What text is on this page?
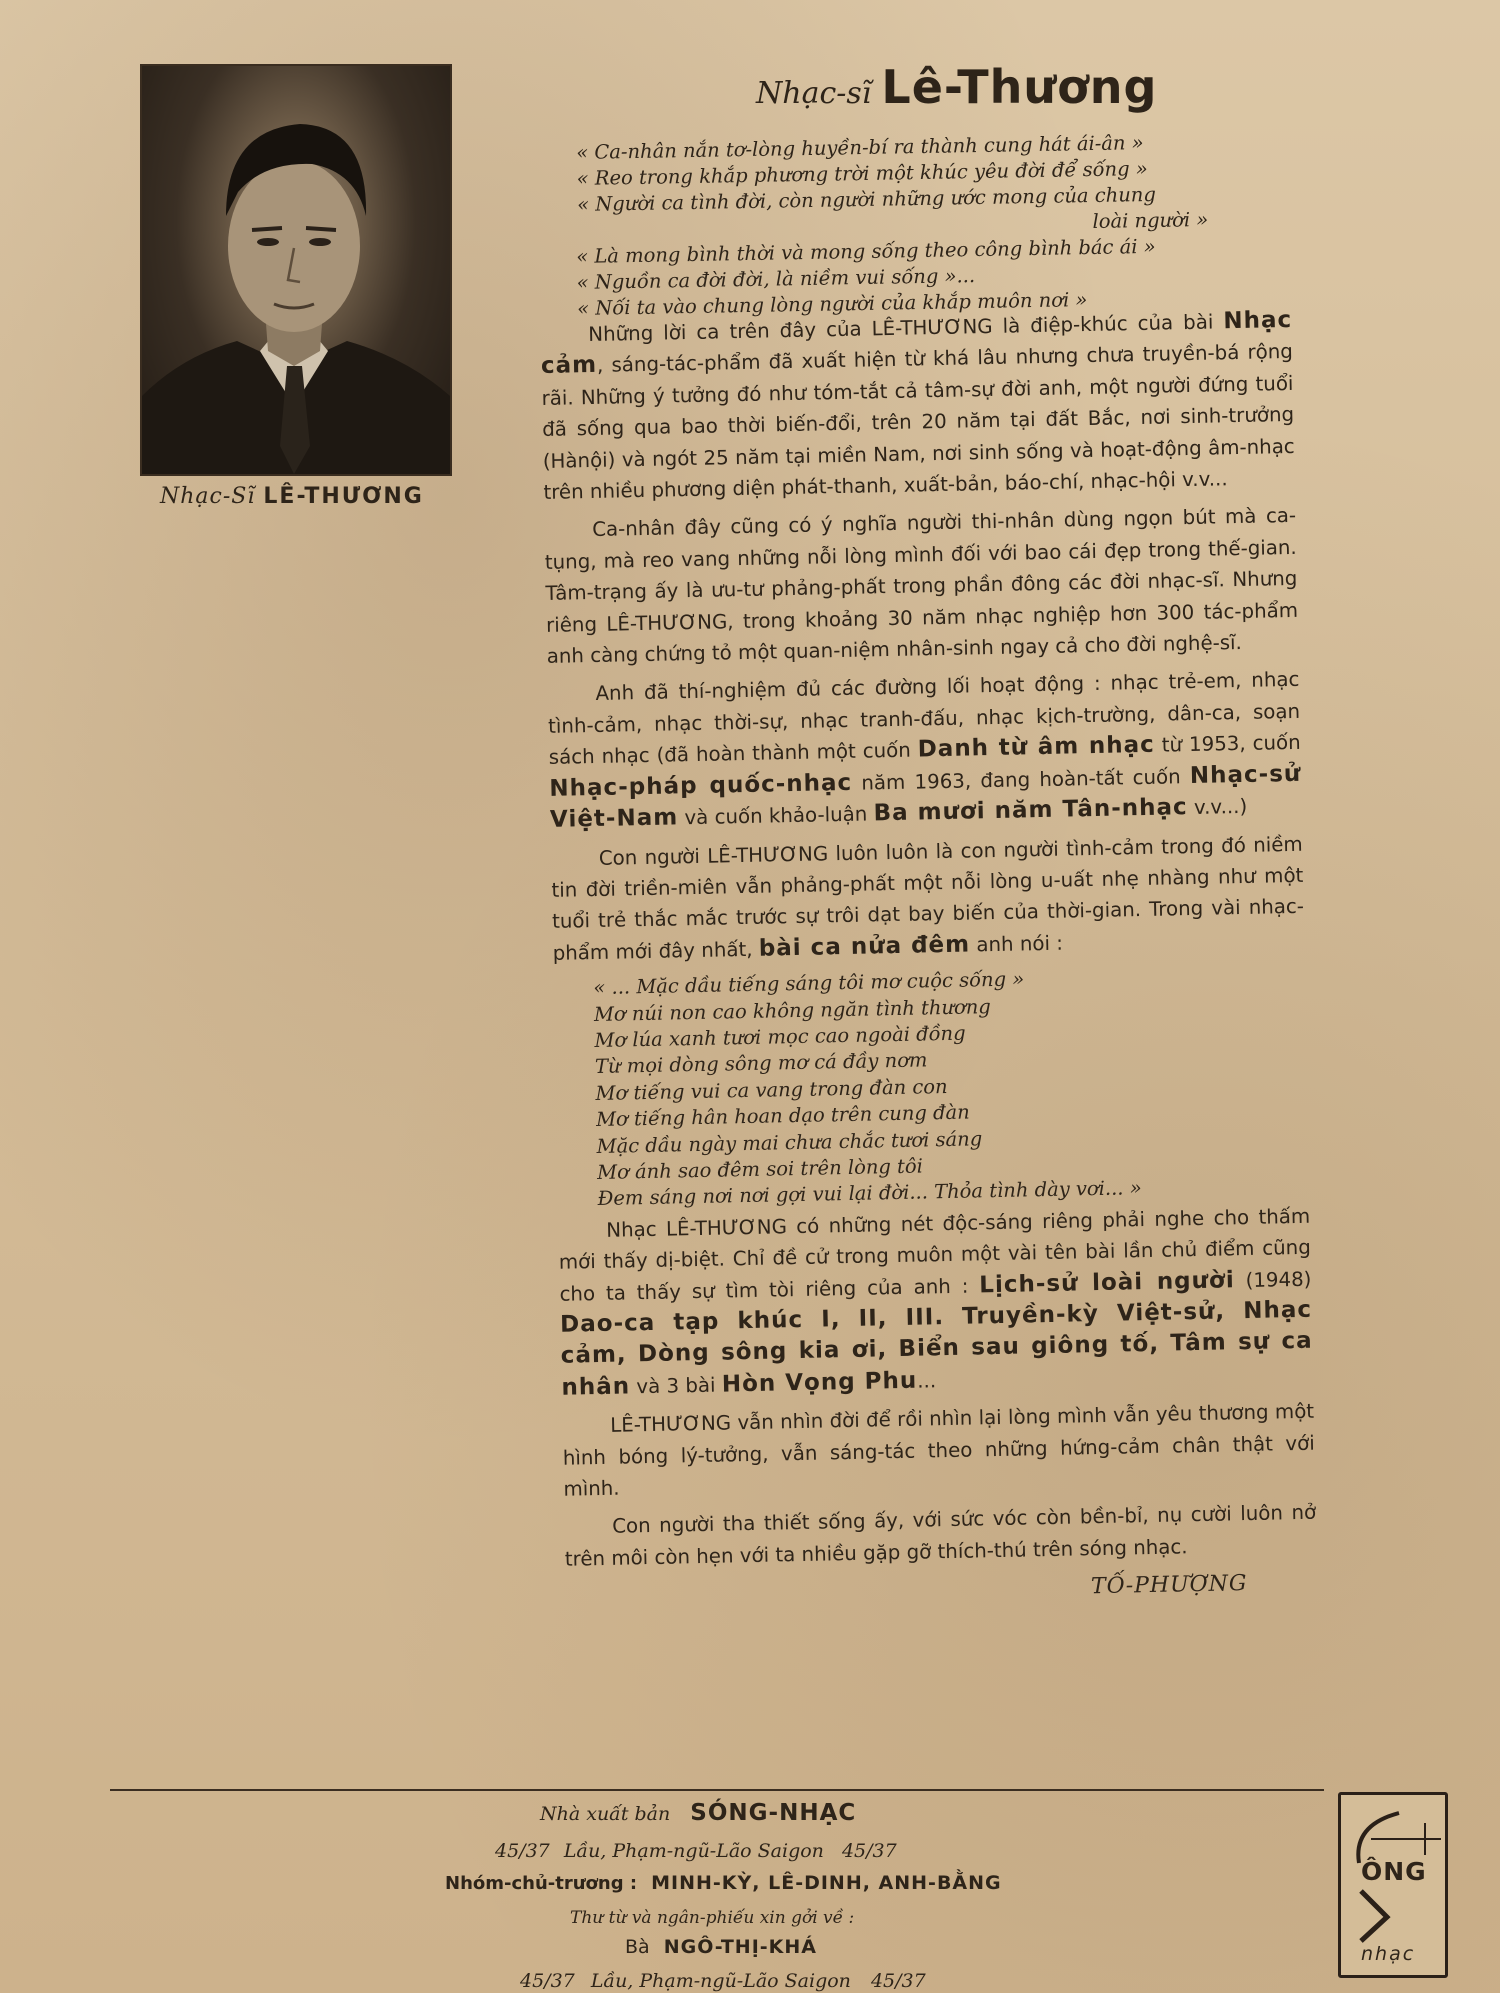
Nhạc-Sĩ LÊ-THƯƠNG
Nhạc-sĩ Lê-Thương
« Ca-nhân nắn tơ-lòng huyền-bí ra thành cung hát ái-ân »
« Reo trong khắp phương trời một khúc yêu đời để sống »
« Người ca tình đời, còn người những ước mong của chung
loài người »
« Là mong bình thời và mong sống theo công bình bác ái »
« Nguồn ca đời đời, là niềm vui sống »...
« Nối ta vào chung lòng người của khắp muôn nơi »

Những lời ca trên đây của LÊ-THƯƠNG là điệp-khúc của bài Nhạc cảm, sáng-tác-phẩm đã xuất hiện từ khá lâu nhưng chưa truyền-bá rộng rãi. Những ý tưởng đó như tóm-tắt cả tâm-sự đời anh, một người đứng tuổi đã sống qua bao thời biến-đổi, trên 20 năm tại đất Bắc, nơi sinh-trưởng (Hànội) và ngót 25 năm tại miền Nam, nơi sinh sống và hoạt-động âm-nhạc trên nhiều phương diện phát-thanh, xuất-bản, báo-chí, nhạc-hội v.v...

Ca-nhân đây cũng có ý nghĩa người thi-nhân dùng ngọn bút mà ca-tụng, mà reo vang những nỗi lòng mình đối với bao cái đẹp trong thế-gian. Tâm-trạng ấy là ưu-tư phảng-phất trong phần đông các đời nhạc-sĩ. Nhưng riêng LÊ-THƯƠNG, trong khoảng 30 năm nhạc nghiệp hơn 300 tác-phẩm anh càng chứng tỏ một quan-niệm nhân-sinh ngay cả cho đời nghệ-sĩ.

Anh đã thí-nghiệm đủ các đường lối hoạt động : nhạc trẻ-em, nhạc tình-cảm, nhạc thời-sự, nhạc tranh-đấu, nhạc kịch-trường, dân-ca, soạn sách nhạc (đã hoàn thành một cuốn Danh từ âm nhạc từ 1953, cuốn Nhạc-pháp quốc-nhạc năm 1963, đang hoàn-tất cuốn Nhạc-sử Việt-Nam và cuốn khảo-luận Ba mươi năm Tân-nhạc v.v...)

Con người LÊ-THƯƠNG luôn luôn là con người tình-cảm trong đó niềm tin đời triền-miên vẫn phảng-phất một nỗi lòng u-uất nhẹ nhàng như một tuổi trẻ thắc mắc trước sự trôi dạt bay biến của thời-gian. Trong vài nhạc-phẩm mới đây nhất, bài ca nửa đêm anh nói :

« ... Mặc dầu tiếng sáng tôi mơ cuộc sống »
Mơ núi non cao không ngăn tình thương
Mơ lúa xanh tươi mọc cao ngoài đồng
Từ mọi dòng sông mơ cá đầy nơm
Mơ tiếng vui ca vang trong đàn con
Mơ tiếng hân hoan dạo trên cung đàn
Mặc dầu ngày mai chưa chắc tươi sáng
Mơ ánh sao đêm soi trên lòng tôi
Đem sáng nơi nơi gợi vui lại đời... Thỏa tình dày vơi... »

Nhạc LÊ-THƯƠNG có những nét độc-sáng riêng phải nghe cho thấm mới thấy dị-biệt. Chỉ đề cử trong muôn một vài tên bài lần chủ điểm cũng cho ta thấy sự tìm tòi riêng của anh : Lịch-sử loài người (1948) Dao-ca tạp khúc I, II, III. Truyền-kỳ Việt-sử, Nhạc cảm, Dòng sông kia ơi, Biển sau giông tố, Tâm sự ca nhân và 3 bài Hòn Vọng Phu...

LÊ-THƯƠNG vẫn nhìn đời để rồi nhìn lại lòng mình vẫn yêu thương một hình bóng lý-tưởng, vẫn sáng-tác theo những hứng-cảm chân thật với mình.

Con người tha thiết sống ấy, với sức vóc còn bền-bỉ, nụ cười luôn nở trên môi còn hẹn với ta nhiều gặp gỡ thích-thú trên sóng nhạc.

TỐ-PHƯỢNG
Nhà xuất bản SÓNG-NHẠC
45/37 Lầu, Phạm-ngũ-Lão Saigon 45/37
Nhóm-chủ-trương : MINH-KỲ, LÊ-DINH, ANH-BẰNG
Thư từ và ngân-phiếu xin gởi về :
Bà NGÔ-THỊ-KHÁ
45/37 Lầu, Phạm-ngũ-Lão Saigon 45/37
ÔNG
nhạc
